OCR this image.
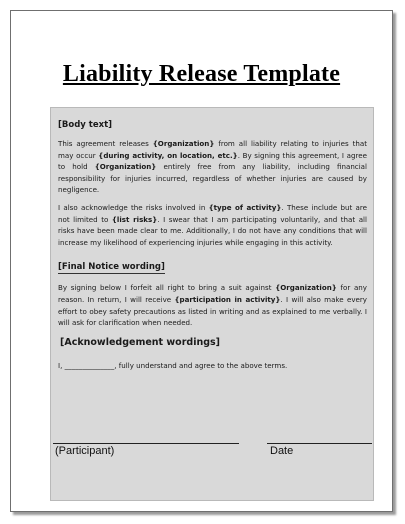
Liability Release Template
[Body text]

This agreement releases {Organization} from all liability relating to injuries that may occur {during activity, on location, etc.}. By signing this agreement, I agree to hold {Organization} entirely free from any liability, including financial responsibility for injuries incurred, regardless of whether injuries are caused by negligence.

I also acknowledge the risks involved in {type of activity}. These include but are not limited to {list risks}. I swear that I am participating voluntarily, and that all risks have been made clear to me. Additionally, I do not have any conditions that will increase my likelihood of experiencing injuries while engaging in this activity.

[Final Notice wording]

By signing below I forfeit all right to bring a suit against {Organization} for any reason. In return, I will receive {participation in activity}. I will also make every effort to obey safety precautions as listed in writing and as explained to me verbally. I will ask for clarification when needed.

[Acknowledgement wordings]

I, ______________, fully understand and agree to the above terms.

(Participant)	Date
